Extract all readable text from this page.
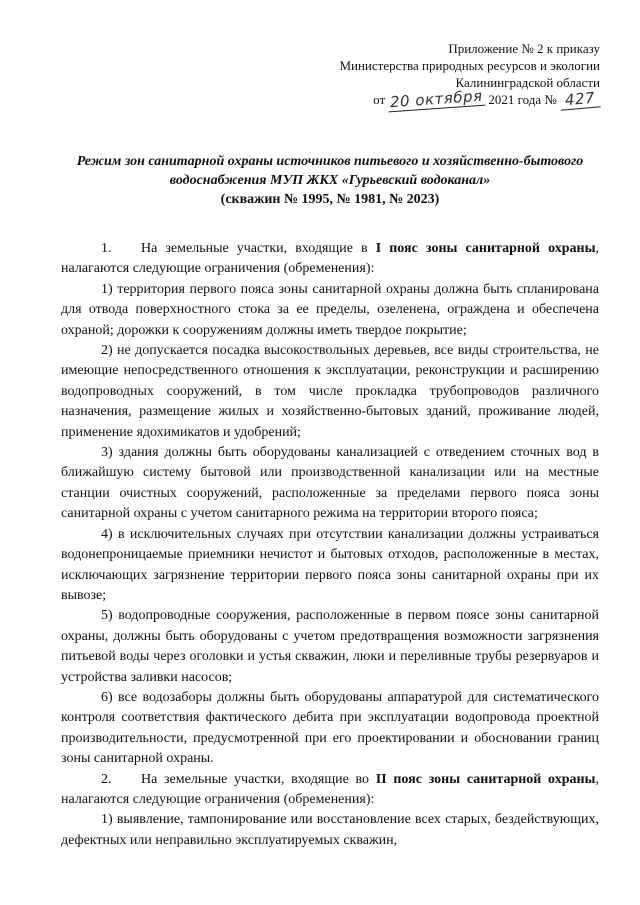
Приложение № 2 к приказу
Министерства природных ресурсов и экологии
Калининградской области
от 20 октября 2021 года № 427
Режим зон санитарной охраны источников питьевого и хозяйственно-бытового водоснабжения МУП ЖКХ «Гурьевский водоканал»
(скважин № 1995, № 1981, № 2023)

1. На земельные участки, входящие в I пояс зоны санитарной охраны, налагаются следующие ограничения (обременения):

1) территория первого пояса зоны санитарной охраны должна быть спланирована для отвода поверхностного стока за ее пределы, озеленена, ограждена и обеспечена охраной; дорожки к сооружениям должны иметь твердое покрытие;

2) не допускается посадка высокоствольных деревьев, все виды строительства, не имеющие непосредственного отношения к эксплуатации, реконструкции и расширению водопроводных сооружений, в том числе прокладка трубопроводов различного назначения, размещение жилых и хозяйственно-бытовых зданий, проживание людей, применение ядохимикатов и удобрений;

3) здания должны быть оборудованы канализацией с отведением сточных вод в ближайшую систему бытовой или производственной канализации или на местные станции очистных сооружений, расположенные за пределами первого пояса зоны санитарной охраны с учетом санитарного режима на территории второго пояса;

4) в исключительных случаях при отсутствии канализации должны устраиваться водонепроницаемые приемники нечистот и бытовых отходов, расположенные в местах, исключающих загрязнение территории первого пояса зоны санитарной охраны при их вывозе;

5) водопроводные сооружения, расположенные в первом поясе зоны санитарной охраны, должны быть оборудованы с учетом предотвращения возможности загрязнения питьевой воды через оголовки и устья скважин, люки и переливные трубы резервуаров и устройства заливки насосов;

6) все водозаборы должны быть оборудованы аппаратурой для систематического контроля соответствия фактического дебита при эксплуатации водопровода проектной производительности, предусмотренной при его проектировании и обосновании границ зоны санитарной охраны.

2. На земельные участки, входящие во II пояс зоны санитарной охраны, налагаются следующие ограничения (обременения):

1) выявление, тампонирование или восстановление всех старых, бездействующих, дефектных или неправильно эксплуатируемых скважин,
